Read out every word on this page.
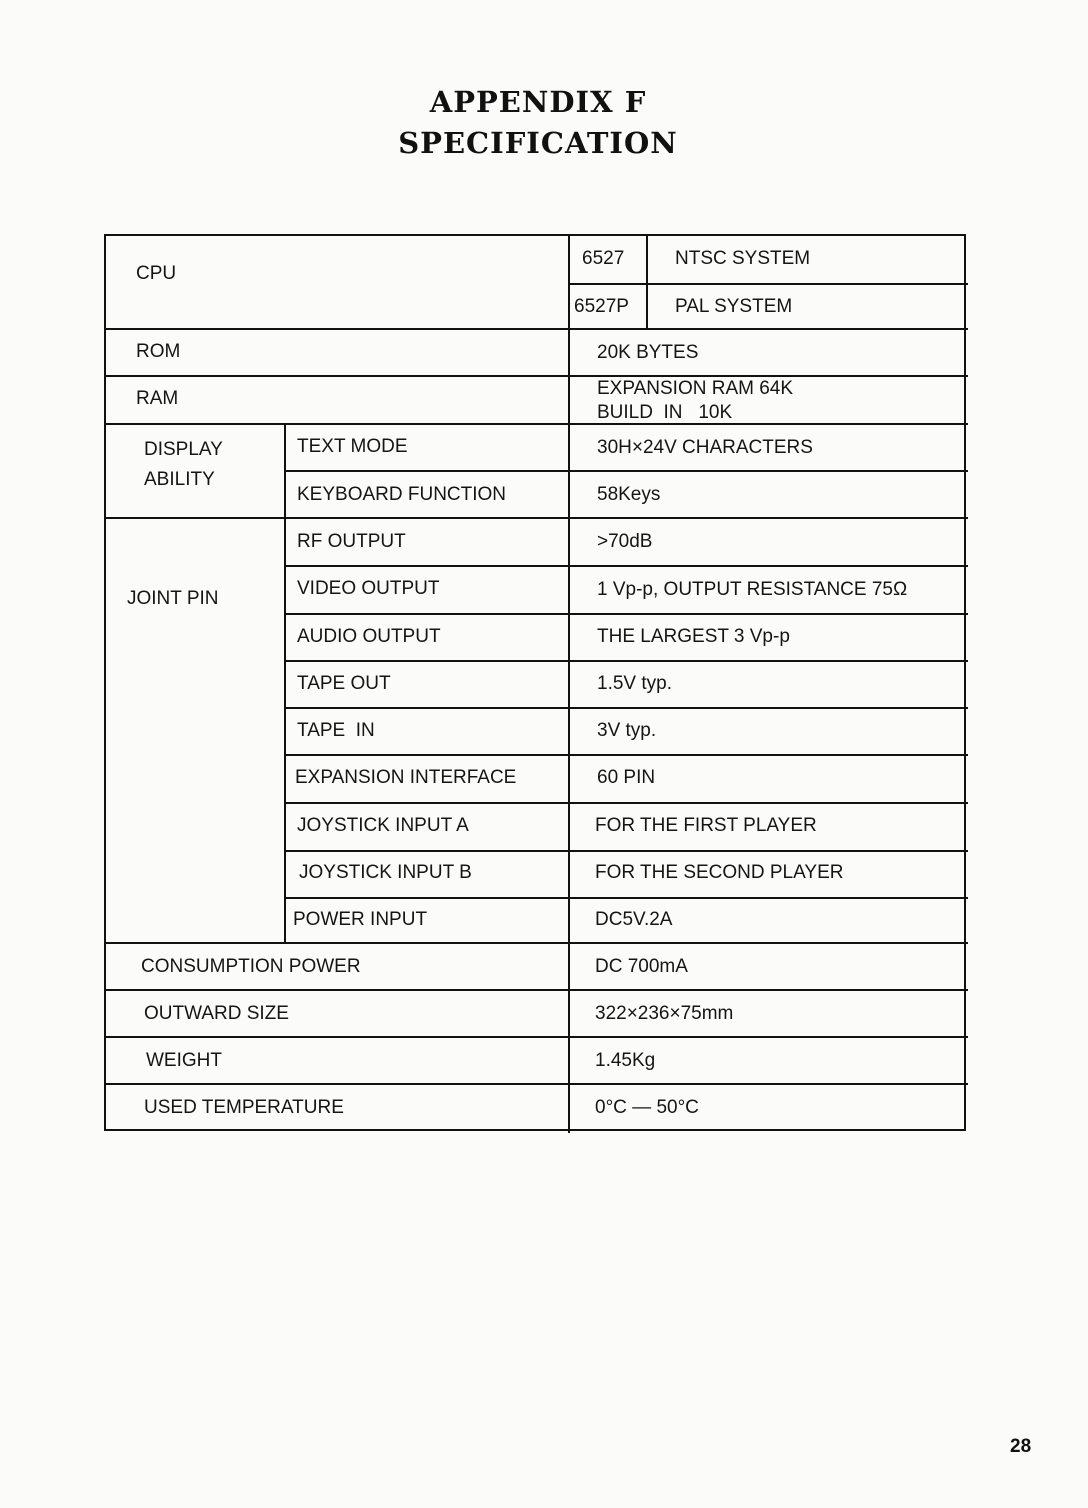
APPENDIX F
SPECIFICATION
CPU
6527	NTSC SYSTEM
6527P PAL SYSTEM
ROM	20K BYTES
RAM	EXPANSION RAM 64K
BUILD  IN   10K
DISPLAY
ABILITY
TEXT MODE	30H×24V CHARACTERS
KEYBOARD FUNCTION	58Keys
JOINT PIN
RF OUTPUT	>70dB
VIDEO OUTPUT	1 Vp-p, OUTPUT RESISTANCE 75Ω
AUDIO OUTPUT	THE LARGEST 3 Vp-p
TAPE OUT	1.5V typ.
TAPE  IN	3V typ.
EXPANSION INTERFACE	60 PIN
JOYSTICK INPUT A	FOR THE FIRST PLAYER
JOYSTICK INPUT B	FOR THE SECOND PLAYER
POWER INPUT	DC5V.2A
CONSUMPTION POWER	DC 700mA
OUTWARD SIZE	322×236×75mm
WEIGHT	1.45Kg
USED TEMPERATURE	0°C — 50°C
28
